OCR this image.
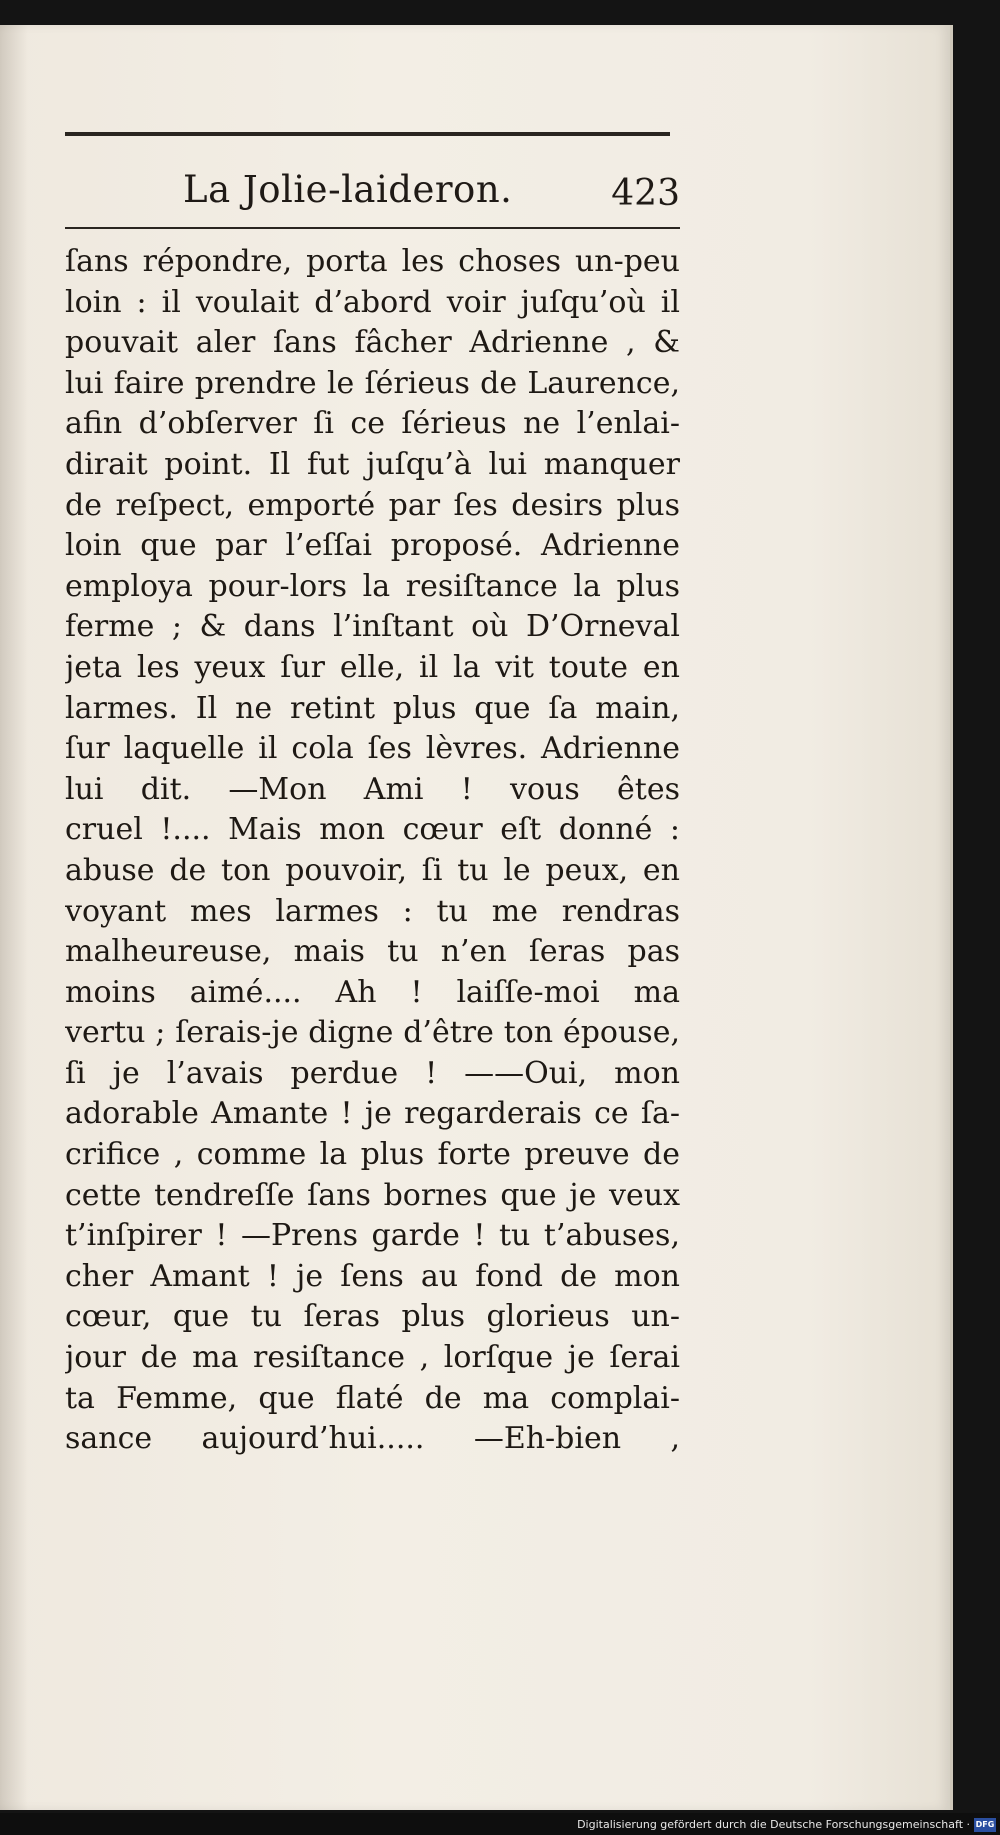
La Jolie-laideron.	423
ſans répondre, porta les choses un-peu
loin : il voulait d’abord voir juſqu’où il
pouvait aler ſans fâcher Adrienne , &
lui faire prendre le ſérieus de Laurence,
afin d’obſerver ſi ce ſérieus ne l’enlai-
dirait point. Il fut juſqu’à lui manquer
de reſpect, emporté par ſes desirs plus
loin que par l’eſſai proposé. Adrienne
employa pour-lors la resiſtance la plus
ferme ; & dans l’inſtant où D’Orneval
jeta les yeux ſur elle, il la vit toute en
larmes. Il ne retint plus que ſa main,
ſur laquelle il cola ſes lèvres. Adrienne
lui dit. —Mon Ami ! vous êtes
cruel !.... Mais mon cœur eſt donné :
abuse de ton pouvoir, ſi tu le peux, en
voyant mes larmes : tu me rendras
malheureuse, mais tu n’en ſeras pas
moins aimé.... Ah ! laiſſe-moi ma
vertu ; ſerais-je digne d’être ton épouse,
ſi je l’avais perdue ! ——Oui, mon
adorable Amante ! je regarderais ce ſa-
crifice , comme la plus forte preuve de
cette tendreſſe ſans bornes que je veux
t’inſpirer ! —Prens garde ! tu t’abuses,
cher Amant ! je ſens au fond de mon
cœur, que tu ſeras plus glorieus un-
jour de ma resiſtance , lorſque je ſerai
ta Femme, que flaté de ma complai-
sance aujourd’hui..... —Eh-bien ,
Digitalisierung gefördert durch die Deutsche Forschungsgemeinschaft · DFG
